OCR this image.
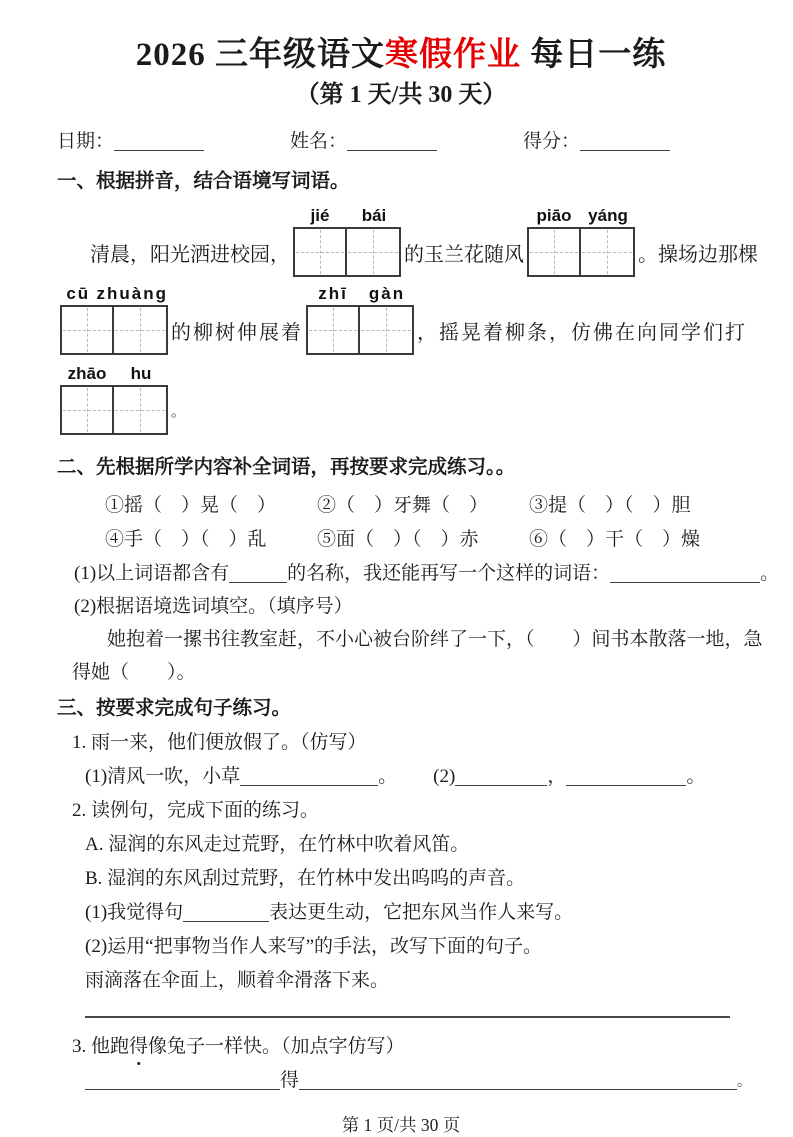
2026 三年级语文寒假作业 每日一练
（第 1 天/共 30 天）
日期：	姓名：	得分：
一、根据拼音，结合语境写词语。
清晨，阳光洒进校园，
jié	bái
的玉兰花随风
piāo yáng
。操场边那棵
cū zhuàng
的柳树伸展着
zhī	gàn
，摇晃着柳条，仿佛在向同学们打
zhāo	hu
。
二、先根据所学内容补全词语，再按要求完成练习。。
①摇（　）晃（　）	②（　）牙舞（　）	③提（　）（　）胆
④手（　）（　）乱	⑤面（　）（　）赤	⑥（　）干（　）燥
(1)以上词语都含有	的名称，我还能再写一个这样的词语：	。
(2)根据语境选词填空。（填序号）
她抱着一摞书往教室赶，不小心被台阶绊了一下，（　　）间书本散落一地，急
得她（　　）。
三、按要求完成句子练习。
1. 雨一来，他们便放假了。（仿写）
(1)清风一吹，小草	。 (2)	，	。
2. 读例句，完成下面的练习。
A. 湿润的东风走过荒野，在竹林中吹着风笛。
B. 湿润的东风刮过荒野，在竹林中发出呜呜的声音。
(1)我觉得句	表达更生动，它把东风当作人来写。
(2)运用“把事物当作人来写”的手法，改写下面的句子。
雨滴落在伞面上，顺着伞滑落下来。
3. 他跑得像兔子一样快。（加点字仿写）
得	。
第 1 页/共 30 页
